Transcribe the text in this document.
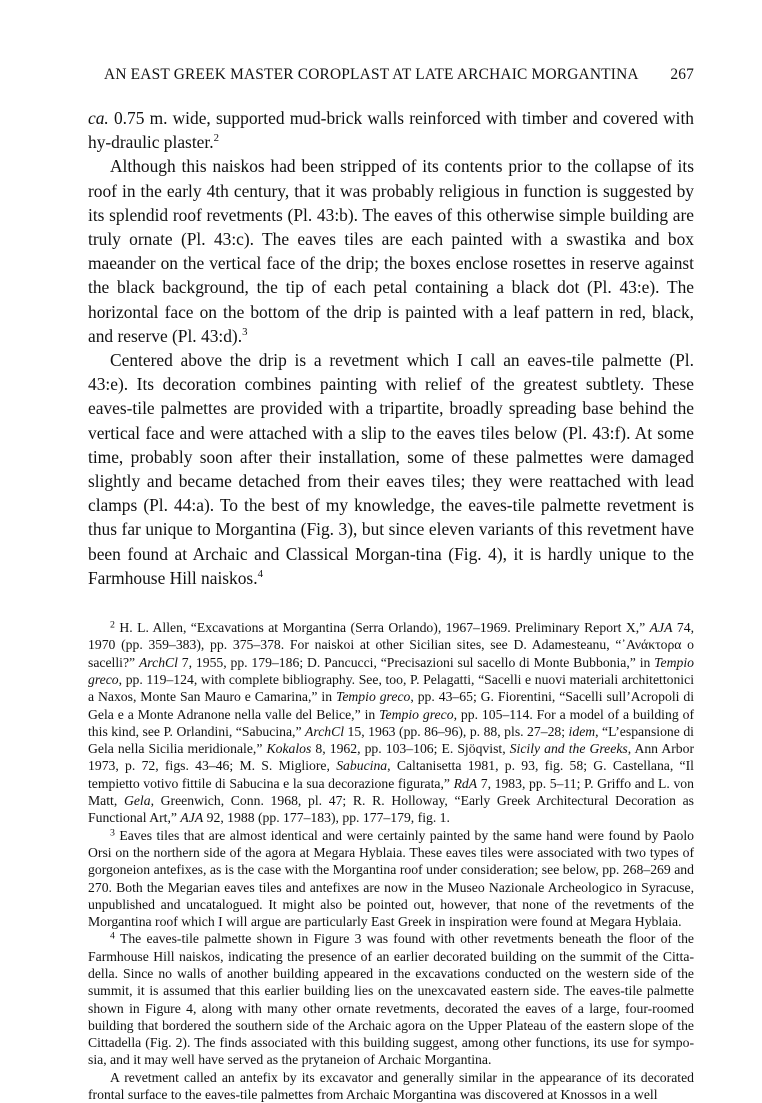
AN EAST GREEK MASTER COROPLAST AT LATE ARCHAIC MORGANTINA 267

ca. 0.75 m. wide, supported mud-brick walls reinforced with timber and covered with hy-draulic plaster.$^2$

Although this naiskos had been stripped of its contents prior to the collapse of its roof in the early 4th century, that it was probably religious in function is suggested by its splendid roof revetments (Pl. 43:b). The eaves of this otherwise simple building are truly ornate (Pl. 43:c). The eaves tiles are each painted with a swastika and box maeander on the vertical face of the drip; the boxes enclose rosettes in reserve against the black background, the tip of each petal containing a black dot (Pl. 43:e). The horizontal face on the bottom of the drip is painted with a leaf pattern in red, black, and reserve (Pl. 43:d).$^3$

Centered above the drip is a revetment which I call an eaves-tile palmette (Pl. 43:e). Its decoration combines painting with relief of the greatest subtlety. These eaves-tile palmettes are provided with a tripartite, broadly spreading base behind the vertical face and were attached with a slip to the eaves tiles below (Pl. 43:f). At some time, probably soon after their installation, some of these palmettes were damaged slightly and became detached from their eaves tiles; they were reattached with lead clamps (Pl. 44:a). To the best of my knowledge, the eaves-tile palmette revetment is thus far unique to Morgantina (Fig. 3), but since eleven variants of this revetment have been found at Archaic and Classical Morgan-tina (Fig. 4), it is hardly unique to the Farmhouse Hill naiskos.$^4$

$^2$ H. L. Allen, “Excavations at Morgantina (Serra Orlando), 1967–1969. Preliminary Report X,” AJA 74, 1970 (pp. 359–383), pp. 375–378. For naiskoi at other Sicilian sites, see D. Adamesteanu, “᾿Ανάκτορα o sacelli?” ArchCl 7, 1955, pp. 179–186; D. Pancucci, “Precisazioni sul sacello di Monte Bubbonia,” in Tempio greco, pp. 119–124, with complete bibliography. See, too, P. Pelagatti, “Sacelli e nuovi materiali architettonici a Naxos, Monte San Mauro e Camarina,” in Tempio greco, pp. 43–65; G. Fiorentini, “Sacelli sull’Acropoli di Gela e a Monte Adranone nella valle del Belice,” in Tempio greco, pp. 105–114. For a model of a building of this kind, see P. Orlandini, “Sabucina,” ArchCl 15, 1963 (pp. 86–96), p. 88, pls. 27–28; idem, “L’espansione di Gela nella Sicilia meridionale,” Kokalos 8, 1962, pp. 103–106; E. Sjöqvist, Sicily and the Greeks, Ann Arbor 1973, p. 72, figs. 43–46; M. S. Migliore, Sabucina, Caltanisetta 1981, p. 93, fig. 58; G. Castellana, “Il tempietto votivo fittile di Sabucina e la sua decorazione figurata,” RdA 7, 1983, pp. 5–11; P. Griffo and L. von Matt, Gela, Greenwich, Conn. 1968, pl. 47; R. R. Holloway, “Early Greek Architectural Decoration as Functional Art,” AJA 92, 1988 (pp. 177–183), pp. 177–179, fig. 1.

$^3$ Eaves tiles that are almost identical and were certainly painted by the same hand were found by Paolo Orsi on the northern side of the agora at Megara Hyblaia. These eaves tiles were associated with two types of gorgoneion antefixes, as is the case with the Morgantina roof under consideration; see below, pp. 268–269 and 270. Both the Megarian eaves tiles and antefixes are now in the Museo Nazionale Archeologico in Syracuse, unpublished and uncatalogued. It might also be pointed out, however, that none of the revetments of the Morgantina roof which I will argue are particularly East Greek in inspiration were found at Megara Hyblaia.

$^4$ The eaves-tile palmette shown in Figure 3 was found with other revetments beneath the floor of the Farmhouse Hill naiskos, indicating the presence of an earlier decorated building on the summit of the Citta-della. Since no walls of another building appeared in the excavations conducted on the western side of the summit, it is assumed that this earlier building lies on the unexcavated eastern side. The eaves-tile palmette shown in Figure 4, along with many other ornate revetments, decorated the eaves of a large, four-roomed building that bordered the southern side of the Archaic agora on the Upper Plateau of the eastern slope of the Cittadella (Fig. 2). The finds associated with this building suggest, among other functions, its use for sympo-sia, and it may well have served as the prytaneion of Archaic Morgantina.

A revetment called an antefix by its excavator and generally similar in the appearance of its decorated frontal surface to the eaves-tile palmettes from Archaic Morgantina was discovered at Knossos in a well
